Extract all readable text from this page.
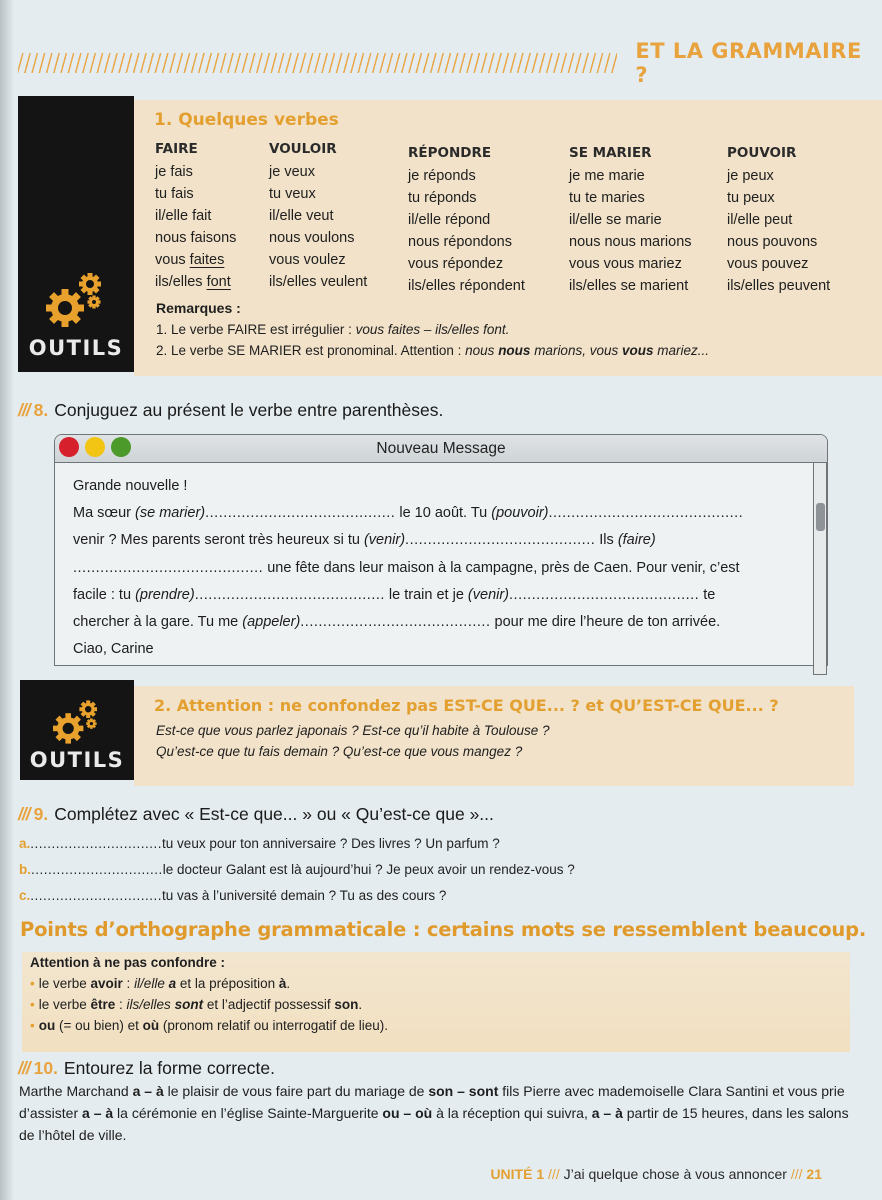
ET LA GRAMMAIRE ?
OUTILS
1. Quelques verbes
FAIRE
je fais
tu fais
il/elle fait
nous faisons
vous faites
ils/elles font
VOULOIR
je veux
tu veux
il/elle veut
nous voulons
vous voulez
ils/elles veulent
RÉPONDRE
je réponds
tu réponds
il/elle répond
nous répondons
vous répondez
ils/elles répondent
SE MARIER
je me marie
tu te maries
il/elle se marie
nous nous marions
vous vous mariez
ils/elles se marient
POUVOIR
je peux
tu peux
il/elle peut
nous pouvons
vous pouvez
ils/elles peuvent
Remarques :
1. Le verbe FAIRE est irrégulier : vous faites – ils/elles font.
2. Le verbe SE MARIER est pronominal. Attention : nous nous marions, vous vous mariez...
/// 8. Conjuguez au présent le verbe entre parenthèses.
Nouveau Message
Grande nouvelle !
Ma sœur (se marier).......................................... le 10 août. Tu (pouvoir)...........................................
venir ? Mes parents seront très heureux si tu (venir).......................................... Ils (faire)
.......................................... une fête dans leur maison à la campagne, près de Caen. Pour venir, c’est
facile : tu (prendre).......................................... le train et je (venir).......................................... te
chercher à la gare. Tu me (appeler).......................................... pour me dire l’heure de ton arrivée.
Ciao, Carine
OUTILS
2. Attention : ne confondez pas EST-CE QUE... ? et QU’EST-CE QUE... ?
Est-ce que vous parlez japonais ? Est-ce qu’il habite à Toulouse ?
Qu’est-ce que tu fais demain ? Qu’est-ce que vous mangez ?
/// 9. Complétez avec « Est-ce que... » ou « Qu’est-ce que »...
a................................tu veux pour ton anniversaire ? Des livres ? Un parfum ?
b................................le docteur Galant est là aujourd’hui ? Je peux avoir un rendez-vous ?
c................................tu vas à l’université demain ? Tu as des cours ?
Attention à ne pas confondre :
• le verbe avoir : il/elle a et la préposition à.
• le verbe être : ils/elles sont et l’adjectif possessif son.
• ou (= ou bien) et où (pronom relatif ou interrogatif de lieu).
Points d’orthographe grammaticale : certains mots se ressemblent beaucoup.
/// 10. Entourez la forme correcte.
Marthe Marchand a – à le plaisir de vous faire part du mariage de son – sont fils Pierre avec mademoiselle Clara Santini et vous prie d’assister a – à la cérémonie en l’église Sainte-Marguerite ou – où à la réception qui suivra, a – à partir de 15 heures, dans les salons de l’hôtel de ville.
UNITÉ 1 /// J’ai quelque chose à vous annoncer /// 21
